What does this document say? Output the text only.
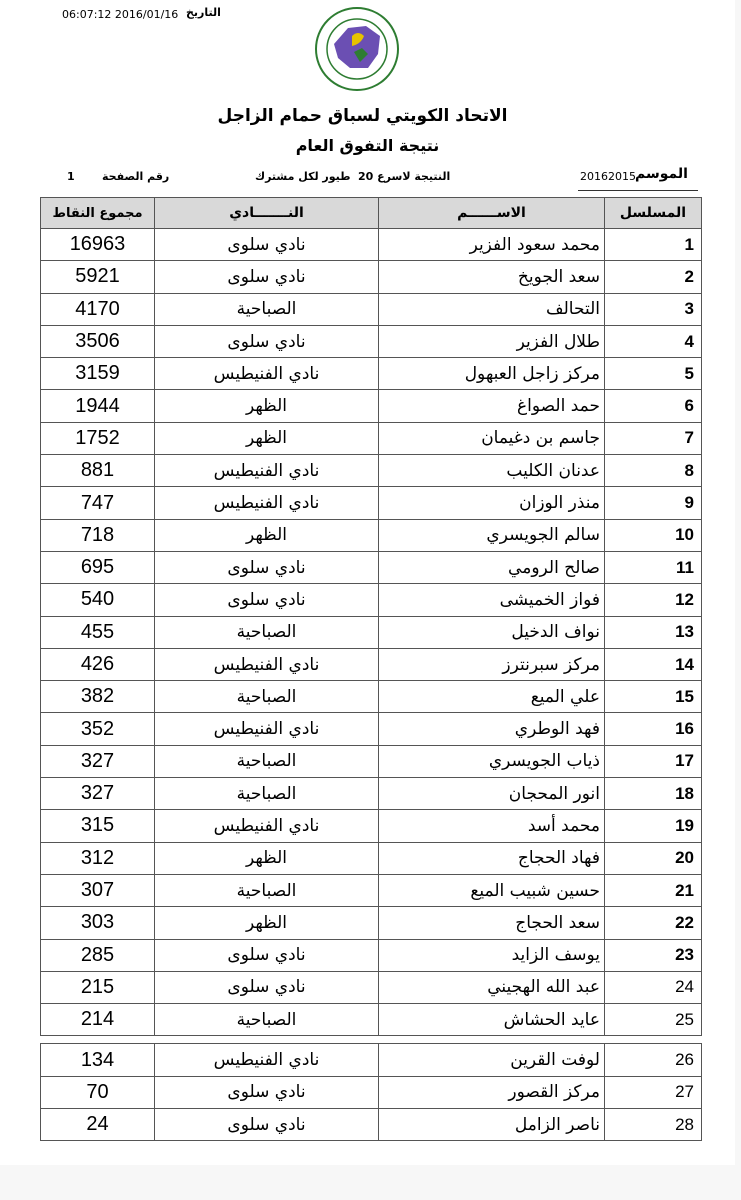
06:07:12 2016/01/16 التاريخ
الاتحاد الكويتي لسباق حمام الزاجل
نتيجة التفوق العام
1 رقم الصفحة	طيور لكل مشترك النتيجة لاسرع 20	20162015 الموسم
مجموع النقاط	النـــــــادي	الاســــــم	المسلسل
16963	نادي سلوى	محمد سعود الفزير	1
5921	نادي سلوى	سعد الجويخ	2
4170	الصباحية	التحالف	3
3506	نادي سلوى	طلال الفزير	4
3159	نادي الفنيطيس	مركز زاجل العبهول	5
1944	الظهر	حمد الصواغ	6
1752	الظهر	جاسم بن دغيمان	7
881	نادي الفنيطيس	عدنان الكليب	8
747	نادي الفنيطيس	منذر الوزان	9
718	الظهر	سالم الجويسري	10
695	نادي سلوى	صالح الرومي	11
540	نادي سلوى	فواز الخميشى	12
455	الصباحية	نواف الدخيل	13
426	نادي الفنيطيس	مركز سبرنترز	14
382	الصباحية	علي الميع	15
352	نادي الفنيطيس	فهد الوطري	16
327	الصباحية	ذياب الجويسري	17
327	الصباحية	انور المحجان	18
315	نادي الفنيطيس	محمد أسد	19
312	الظهر	فهاد الحجاج	20
307	الصباحية	حسين شبيب الميع	21
303	الظهر	سعد الحجاج	22
285	نادي سلوى	يوسف الزايد	23
215	نادي سلوى	عبد الله الهجيني	24
214	الصباحية	عايد الحشاش	25

134	نادي الفنيطيس	لوفت القرين	26
70	نادي سلوى	مركز القصور	27
24	نادي سلوى	ناصر الزامل	28
